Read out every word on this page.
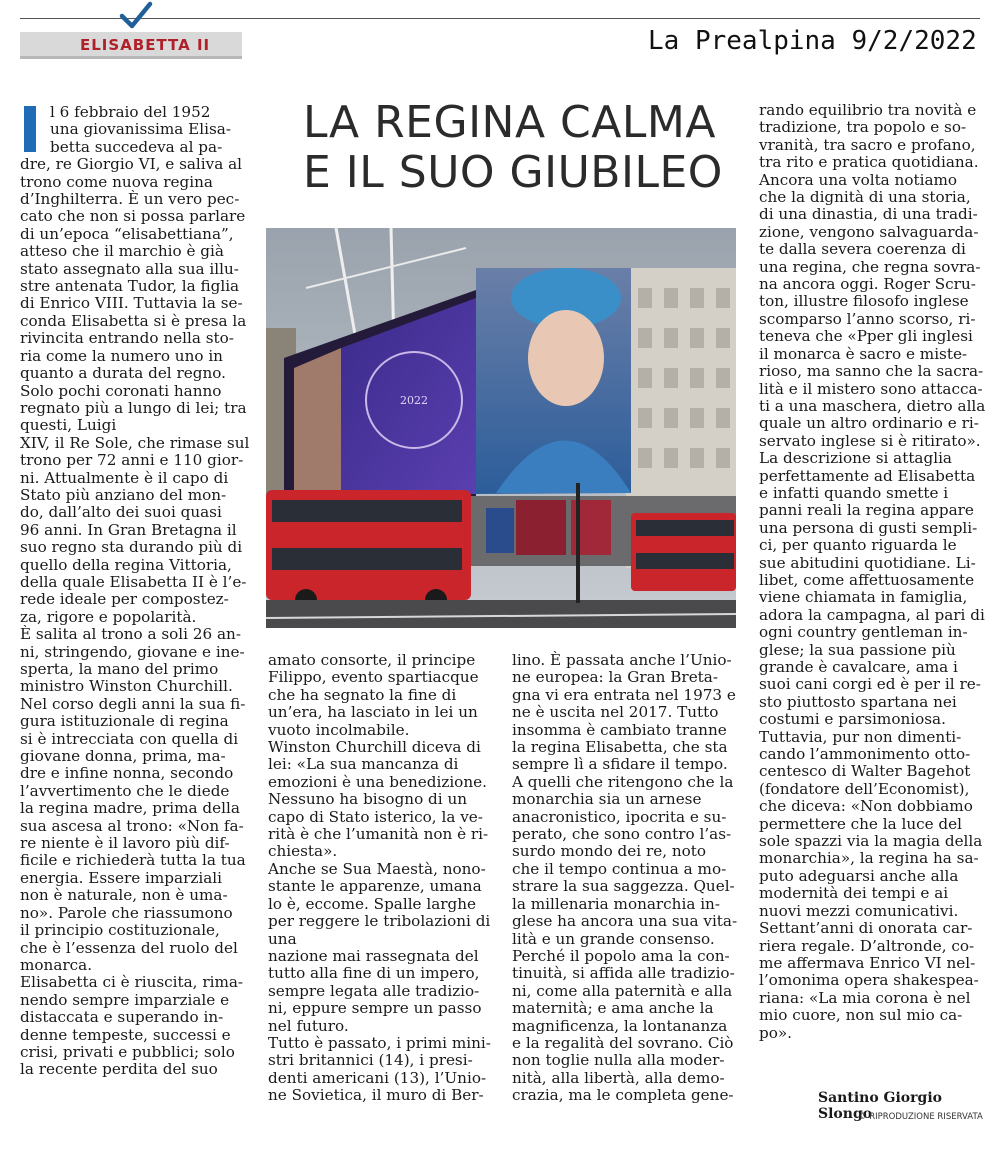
ELISABETTA II	La Prealpina 9/2/2022
LA REGINA CALMA
E IL SUO GIUBILEO
l 6 febbraio del 1952
una giovanissima Elisa-
betta succedeva al pa-
dre, re Giorgio VI, e saliva al
trono come nuova regina
d’Inghilterra. È un vero pec-
cato che non si possa parlare
di un’epoca “elisabettiana”,
atteso che il marchio è già
stato assegnato alla sua illu-
stre antenata Tudor, la figlia
di Enrico VIII. Tuttavia la se-
conda Elisabetta si è presa la
rivincita entrando nella sto-
ria come la numero uno in
quanto a durata del regno.
Solo pochi coronati hanno
regnato più a lungo di lei; tra
questi, Luigi
XIV, il Re Sole, che rimase sul
trono per 72 anni e 110 gior-
ni. Attualmente è il capo di
Stato più anziano del mon-
do, dall’alto dei suoi quasi
96 anni. In Gran Bretagna il
suo regno sta durando più di
quello della regina Vittoria,
della quale Elisabetta II è l’e-
rede ideale per compostez-
za, rigore e popolarità.
È salita al trono a soli 26 an-
ni, stringendo, giovane e ine-
sperta, la mano del primo
ministro Winston Churchill.
Nel corso degli anni la sua fi-
gura istituzionale di regina
si è intrecciata con quella di
giovane donna, prima, ma-
dre e infine nonna, secondo
l’avvertimento che le diede
la regina madre, prima della
sua ascesa al trono: «Non fa-
re niente è il lavoro più dif-
ficile e richiederà tutta la tua
energia. Essere imparziali
non è naturale, non è uma-
no». Parole che riassumono
il principio costituzionale,
che è l’essenza del ruolo del
monarca.
Elisabetta ci è riuscita, rima-
nendo sempre imparziale e
distaccata e superando in-
denne tempeste, successi e
crisi, privati e pubblici; solo
la recente perdita del suo
amato consorte, il principe
Filippo, evento spartiacque
che ha segnato la fine di
un’era, ha lasciato in lei un
vuoto incolmabile.
Winston Churchill diceva di
lei: «La sua mancanza di
emozioni è una benedizione.
Nessuno ha bisogno di un
capo di Stato isterico, la ve-
rità è che l’umanità non è ri-
chiesta».
Anche se Sua Maestà, nono-
stante le apparenze, umana
lo è, eccome. Spalle larghe
per reggere le tribolazioni di
una
nazione mai rassegnata del
tutto alla fine di un impero,
sempre legata alle tradizio-
ni, eppure sempre un passo
nel futuro.
Tutto è passato, i primi mini-
stri britannici (14), i presi-
denti americani (13), l’Unio-
ne Sovietica, il muro di Ber-
lino. È passata anche l’Unio-
ne europea: la Gran Breta-
gna vi era entrata nel 1973 e
ne è uscita nel 2017. Tutto
insomma è cambiato tranne
la regina Elisabetta, che sta
sempre lì a sfidare il tempo.
A quelli che ritengono che la
monarchia sia un arnese
anacronistico, ipocrita e su-
perato, che sono contro l’as-
surdo mondo dei re, noto
che il tempo continua a mo-
strare la sua saggezza. Quel-
la millenaria monarchia in-
glese ha ancora una sua vita-
lità e un grande consenso.
Perché il popolo ama la con-
tinuità, si affida alle tradizio-
ni, come alla paternità e alla
maternità; e ama anche la
magnificenza, la lontananza
e la regalità del sovrano. Ciò
non toglie nulla alla moder-
nità, alla libertà, alla demo-
crazia, ma le completa gene-
rando equilibrio tra novità e
tradizione, tra popolo e so-
vranità, tra sacro e profano,
tra rito e pratica quotidiana.
Ancora una volta notiamo
che la dignità di una storia,
di una dinastia, di una tradi-
zione, vengono salvaguarda-
te dalla severa coerenza di
una regina, che regna sovra-
na ancora oggi. Roger Scru-
ton, illustre filosofo inglese
scomparso l’anno scorso, ri-
teneva che «Pper gli inglesi
il monarca è sacro e miste-
rioso, ma sanno che la sacra-
lità e il mistero sono attacca-
ti a una maschera, dietro alla
quale un altro ordinario e ri-
servato inglese si è ritirato».
La descrizione si attaglia
perfettamente ad Elisabetta
e infatti quando smette i
panni reali la regina appare
una persona di gusti sempli-
ci, per quanto riguarda le
sue abitudini quotidiane. Li-
libet, come affettuosamente
viene chiamata in famiglia,
adora la campagna, al pari di
ogni country gentleman in-
glese; la sua passione più
grande è cavalcare, ama i
suoi cani corgi ed è per il re-
sto piuttosto spartana nei
costumi e parsimoniosa.
Tuttavia, pur non dimenti-
cando l’ammonimento otto-
centesco di Walter Bagehot
(fondatore dell’Economist),
che diceva: «Non dobbiamo
permettere che la luce del
sole spazzi via la magia della
monarchia», la regina ha sa-
puto adeguarsi anche alla
modernità dei tempi e ai
nuovi mezzi comunicativi.
Settant’anni di onorata car-
riera regale. D’altronde, co-
me affermava Enrico VI nel-
l’omonima opera shakespea-
riana: «La mia corona è nel
mio cuore, non sul mio ca-
po».
2022
Santino Giorgio Slongo
© RIPRODUZIONE RISERVATA
